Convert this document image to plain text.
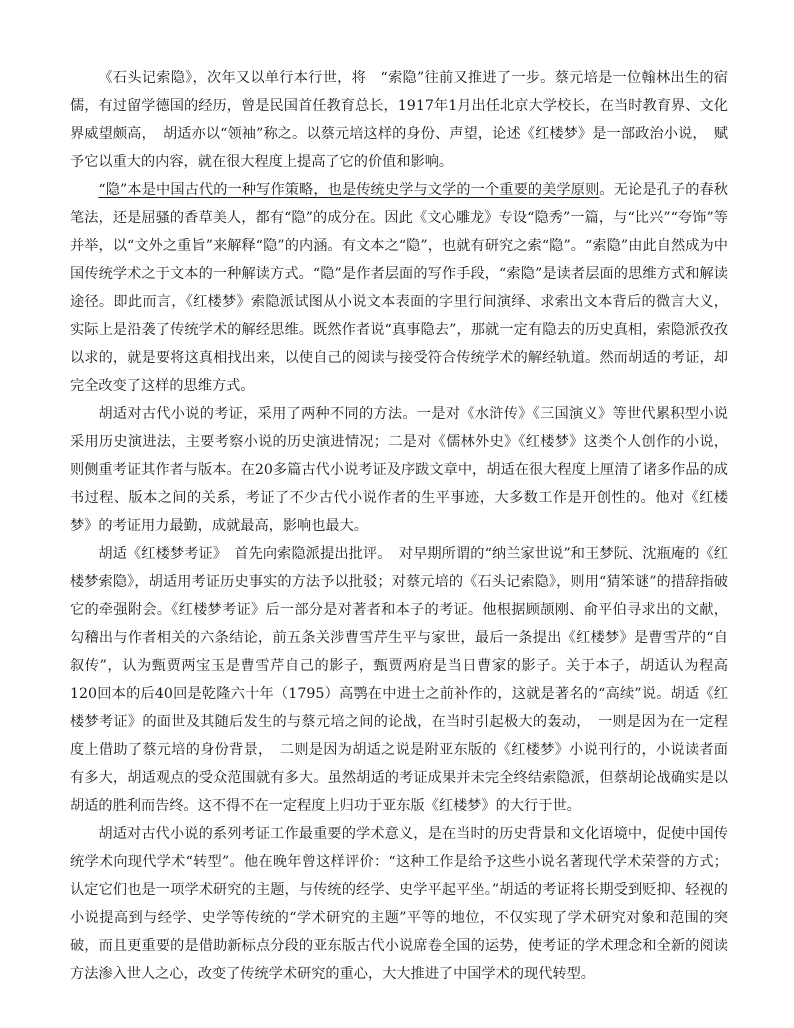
《石头记索隐》，次年又以单行本行世，将　“索隐”往前又推进了一步。蔡元培是一位翰林出生的宿儒，有过留学德国的经历，曾是民国首任教育总长，1917年1月出任北京大学校长，在当时教育界、文化界威望颇高，　胡适亦以“领袖”称之。以蔡元培这样的身份、声望，论述《红楼梦》是一部政治小说，　赋予它以重大的内容，就在很大程度上提高了它的价值和影响。

“隐”本是中国古代的一种写作策略，也是传统史学与文学的一个重要的美学原则。无论是孔子的春秋笔法，还是屈骚的香草美人，都有“隐”的成分在。因此《文心雕龙》专设“隐秀”一篇，与“比兴”“夸饰”等并举，以“文外之重旨”来解释“隐”的内涵。有文本之“隐”，也就有研究之索“隐”。“索隐”由此自然成为中国传统学术之于文本的一种解读方式。“隐”是作者层面的写作手段，“索隐”是读者层面的思维方式和解读途径。即此而言，《红楼梦》索隐派试图从小说文本表面的字里行间演绎、求索出文本背后的微言大义，实际上是沿袭了传统学术的解经思维。既然作者说“真事隐去”，那就一定有隐去的历史真相，索隐派孜孜以求的，就是要将这真相找出来，以使自己的阅读与接受符合传统学术的解经轨道。然而胡适的考证，却完全改变了这样的思维方式。

胡适对古代小说的考证，采用了两种不同的方法。一是对《水浒传》《三国演义》等世代累积型小说采用历史演进法，主要考察小说的历史演进情况；二是对《儒林外史》《红楼梦》这类个人创作的小说，则侧重考证其作者与版本。在20多篇古代小说考证及序跋文章中，胡适在很大程度上厘清了诸多作品的成书过程、版本之间的关系，考证了不少古代小说作者的生平事迹，大多数工作是开创性的。他对《红楼梦》的考证用力最勤，成就最高，影响也最大。

胡适《红楼梦考证》　首先向索隐派提出批评。　对早期所谓的“纳兰家世说”和王梦阮、沈瓶庵的《红楼梦索隐》，胡适用考证历史事实的方法予以批驳；对蔡元培的《石头记索隐》，则用“猜笨谜”的措辞指破它的牵强附会。《红楼梦考证》后一部分是对著者和本子的考证。他根据顾颉刚、俞平伯寻求出的文献，勾稽出与作者相关的六条结论，前五条关涉曹雪芹生平与家世，最后一条提出《红楼梦》是曹雪芹的“自叙传”，认为甄贾两宝玉是曹雪芹自己的影子，甄贾两府是当日曹家的影子。关于本子，胡适认为程高120回本的后40回是乾隆六十年（1795）高鹗在中进士之前补作的，这就是著名的“高续”说。胡适《红楼梦考证》的面世及其随后发生的与蔡元培之间的论战，在当时引起极大的轰动，　一则是因为在一定程度上借助了蔡元培的身份背景，　二则是因为胡适之说是附亚东版的《红楼梦》小说刊行的，小说读者面有多大，胡适观点的受众范围就有多大。虽然胡适的考证成果并未完全终结索隐派，但蔡胡论战确实是以胡适的胜利而告终。这不得不在一定程度上归功于亚东版《红楼梦》的大行于世。

胡适对古代小说的系列考证工作最重要的学术意义，是在当时的历史背景和文化语境中，促使中国传统学术向现代学术“转型”。他在晚年曾这样评价：“这种工作是给予这些小说名著现代学术荣誉的方式；认定它们也是一项学术研究的主题，与传统的经学、史学平起平坐。”胡适的考证将长期受到贬抑、轻视的小说提高到与经学、史学等传统的“学术研究的主题”平等的地位，不仅实现了学术研究对象和范围的突破，而且更重要的是借助新标点分段的亚东版古代小说席卷全国的运势，使考证的学术理念和全新的阅读方法渗入世人之心，改变了传统学术研究的重心，大大推进了中国学术的现代转型。
